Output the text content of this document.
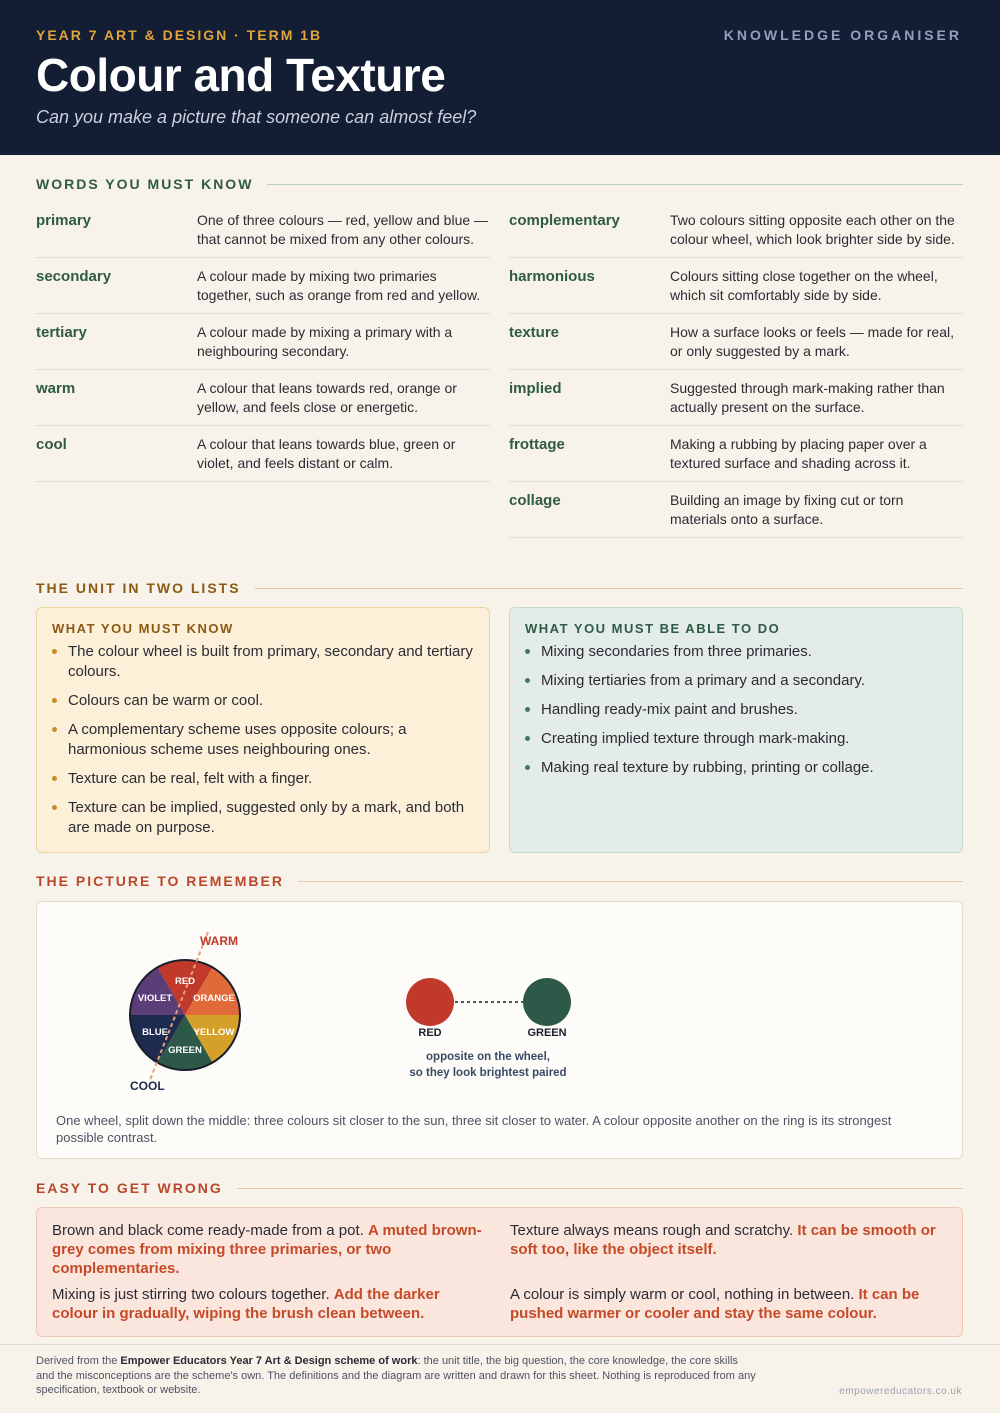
YEAR 7 ART & DESIGN · TERM 1B	KNOWLEDGE ORGANISER
Colour and Texture
Can you make a picture that someone can almost feel?
WORDS YOU MUST KNOW
primary	One of three colours — red, yellow and blue — that cannot be mixed from any other colours.
secondary	A colour made by mixing two primaries together, such as orange from red and yellow.
tertiary	A colour made by mixing a primary with a neighbouring secondary.
warm	A colour that leans towards red, orange or yellow, and feels close or energetic.
cool	A colour that leans towards blue, green or violet, and feels distant or calm.
complementary	Two colours sitting opposite each other on the colour wheel, which look brighter side by side.
harmonious	Colours sitting close together on the wheel, which sit comfortably side by side.
texture	How a surface looks or feels — made for real, or only suggested by a mark.
implied	Suggested through mark-making rather than actually present on the surface.
frottage	Making a rubbing by placing paper over a textured surface and shading across it.
collage	Building an image by fixing cut or torn materials onto a surface.
THE UNIT IN TWO LISTS
WHAT YOU MUST KNOW
The colour wheel is built from primary, secondary and tertiary colours.
Colours can be warm or cool.
A complementary scheme uses opposite colours; a harmonious scheme uses neighbouring ones.
Texture can be real, felt with a finger.
Texture can be implied, suggested only by a mark, and both are made on purpose.
WHAT YOU MUST BE ABLE TO DO
Mixing secondaries from three primaries.
Mixing tertiaries from a primary and a secondary.
Handling ready-mix paint and brushes.
Creating implied texture through mark-making.
Making real texture by rubbing, printing or collage.
THE PICTURE TO REMEMBER
RED
ORANGE
YELLOW
GREEN
BLUE
VIOLET
WARM
COOL
RED	GREEN
opposite on the wheel,
so they look brightest paired
One wheel, split down the middle: three colours sit closer to the sun, three sit closer to water. A colour opposite another on the ring is its strongest possible contrast.
EASY TO GET WRONG
Brown and black come ready-made from a pot. A muted brown-grey comes from mixing three primaries, or two complementaries.
Texture always means rough and scratchy. It can be smooth or soft too, like the object itself.
Mixing is just stirring two colours together. Add the darker colour in gradually, wiping the brush clean between.
A colour is simply warm or cool, nothing in between. It can be pushed warmer or cooler and stay the same colour.
Derived from the Empower Educators Year 7 Art & Design scheme of work: the unit title, the big question, the core knowledge, the core skills and the misconceptions are the scheme's own. The definitions and the diagram are written and drawn for this sheet. Nothing is reproduced from any specification, textbook or website.	empowereducators.co.uk
